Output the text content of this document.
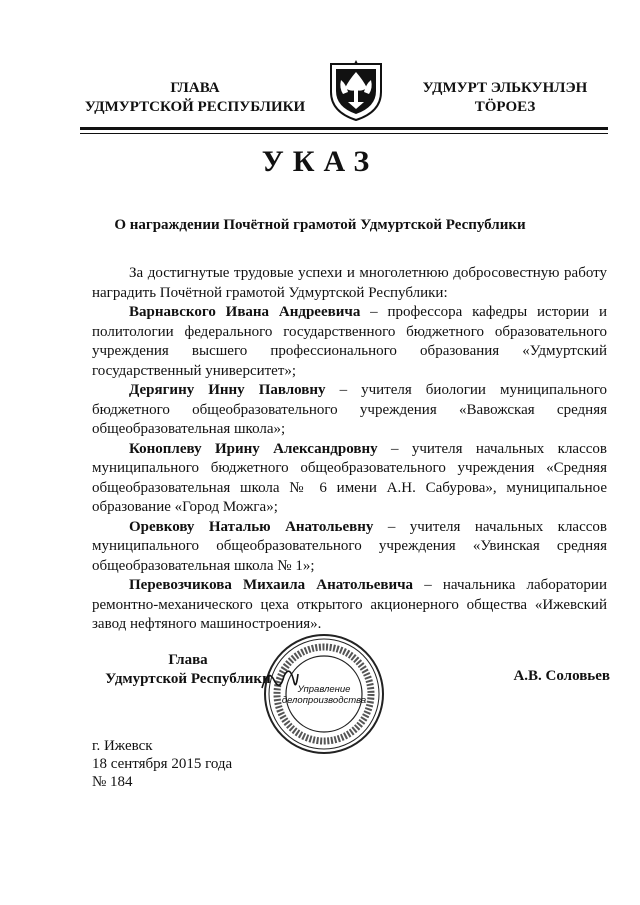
ГЛАВА
УДМУРТСКОЙ РЕСПУБЛИКИ
УДМУРТ ЭЛЬКУНЛЭН
ТӦРОЕЗ
УКАЗ
О награждении Почётной грамотой Удмуртской Республики

За достигнутые трудовые успехи и многолетнюю добросовестную работу наградить Почётной грамотой Удмуртской Республики:

Варнавского Ивана Андреевича – профессора кафедры истории и политологии федерального государственного бюджетного образовательного учреждения высшего профессионального образования «Удмуртский государственный университет»;

Дерягину Инну Павловну – учителя биологии муниципального бюджетного общеобразовательного учреждения «Вавожская средняя общеобразовательная школа»;

Коноплеву Ирину Александровну – учителя начальных классов муниципального бюджетного общеобразовательного учреждения «Средняя общеобразовательная школа № 6 имени А.Н. Сабурова», муниципальное образование «Город Можга»;

Оревкову Наталью Анатольевну – учителя начальных классов муниципального общеобразовательного учреждения «Увинская средняя общеобразовательная школа № 1»;

Перевозчикова Михаила Анатольевича – начальника лаборатории ремонтно-механического цеха открытого акционерного общества «Ижевский завод нефтяного машиностроения».

Глава
Удмуртской Республики
Управление
делопроизводства
А.В. Соловьев
г. Ижевск
18 сентября 2015 года
№ 184
